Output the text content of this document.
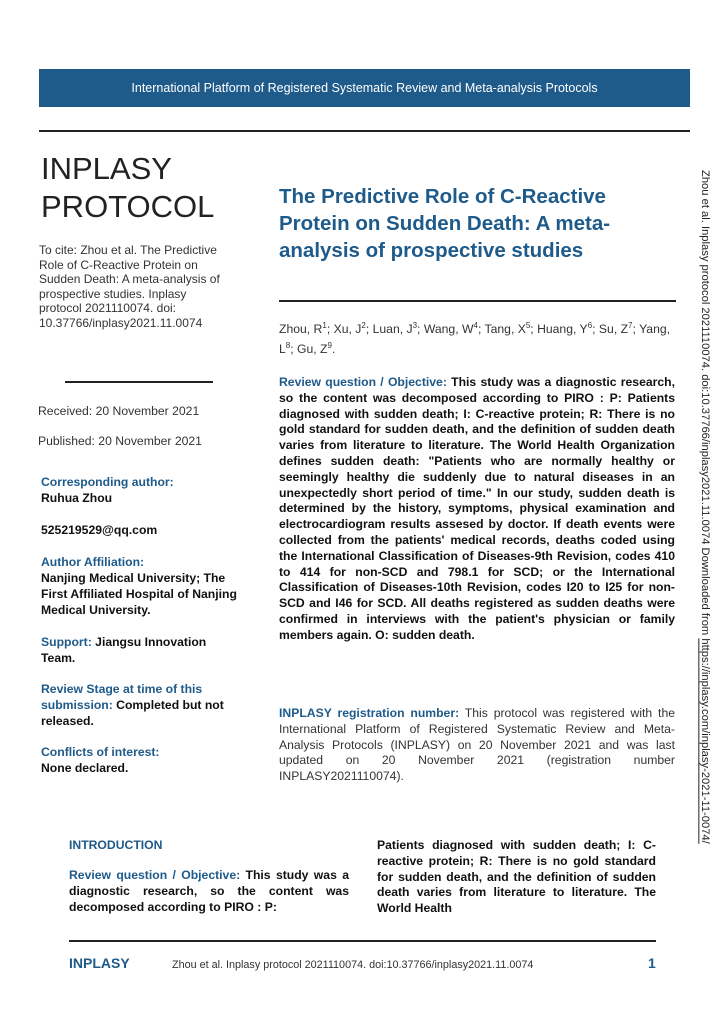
International Platform of Registered Systematic Review and Meta-analysis Protocols
INPLASY
PROTOCOL
To cite: Zhou et al. The Predictive Role of C-Reactive Protein on Sudden Death: A meta-analysis of prospective studies. Inplasy protocol 2021110074. doi: 10.37766/inplasy2021.11.0074
Received: 20 November 2021
Published: 20 November 2021
Corresponding author:
Ruhua Zhou
525219529@qq.com
Author Affiliation:
Nanjing Medical University; The First Affiliated Hospital of Nanjing Medical University.
Support: Jiangsu Innovation Team.
Review Stage at time of this submission: Completed but not released.
Conflicts of interest:
None declared.
The Predictive Role of C-Reactive Protein on Sudden Death: A meta-analysis of prospective studies
Zhou, $R^1$; Xu, $J^2$; Luan, $J^3$; Wang, $W^4$; Tang, $X^5$; Huang, $Y^6$; Su, $Z^7$; Yang, $L^8$; Gu, $Z^9$.
Review question / Objective: This study was a diagnostic research, so the content was decomposed according to PIRO : P: Patients diagnosed with sudden death; I: C-reactive protein; R: There is no gold standard for sudden death, and the definition of sudden death varies from literature to literature. The World Health Organization defines sudden death: "Patients who are normally healthy or seemingly healthy die suddenly due to natural diseases in an unexpectedly short period of time." In our study, sudden death is determined by the history, symptoms, physical examination and electrocardiogram results assesed by doctor. If death events were collected from the patients' medical records, deaths coded using the International Classification of Diseases-9th Revision, codes 410 to 414 for non-SCD and 798.1 for SCD; or the International Classification of Diseases-10th Revision, codes I20 to I25 for non-SCD and I46 for SCD. All deaths registered as sudden deaths were confirmed in interviews with the patient's physician or family members again. O: sudden death.
INPLASY registration number: This protocol was registered with the International Platform of Registered Systematic Review and Meta-Analysis Protocols (INPLASY) on 20 November 2021 and was last updated on 20 November 2021 (registration number INPLASY2021110074).
INTRODUCTION
Review question / Objective: This study was a diagnostic research, so the content was decomposed according to PIRO : P:
Patients diagnosed with sudden death; I: C-reactive protein; R: There is no gold standard for sudden death, and the definition of sudden death varies from literature to literature. The World Health
INPLASY	Zhou et al. Inplasy protocol 2021110074. doi:10.37766/inplasy2021.11.0074	1
Zhou et al. Inplasy protocol 2021110074. doi:10.37766/inplasy2021.11.0074 Downloaded from https://inplasy.com/inplasy-2021-11-0074/
